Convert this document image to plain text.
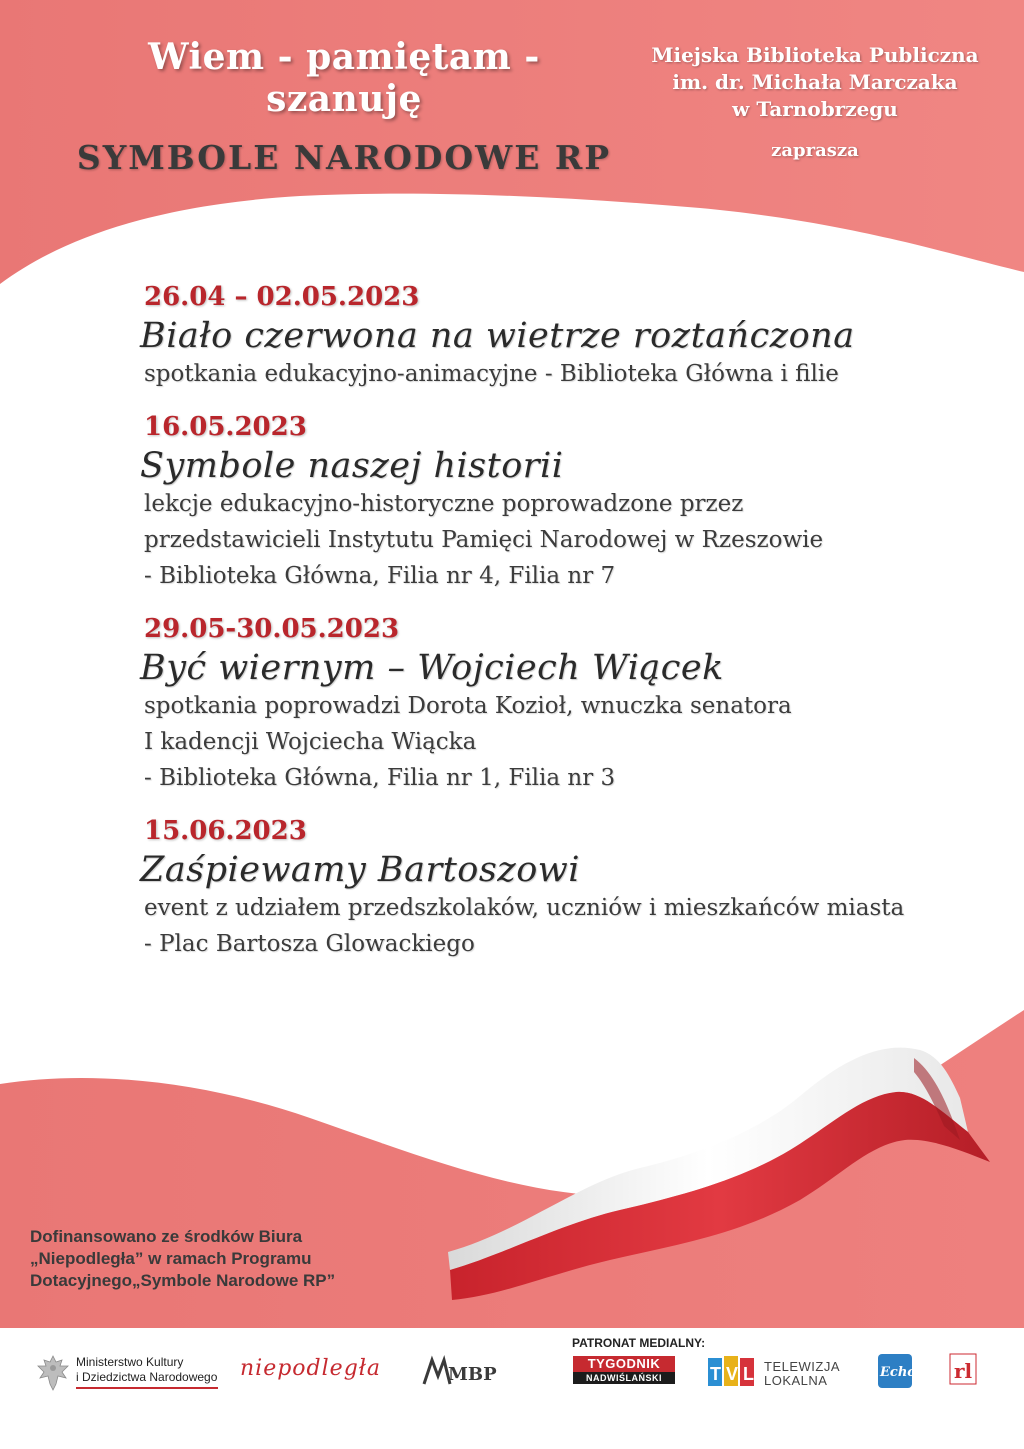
Wiem - pamiętam - szanuję
SYMBOLE NARODOWE RP
Miejska Biblioteka Publiczna
im. dr. Michała Marczaka
w Tarnobrzegu
zaprasza
26.04 – 02.05.2023
Biało czerwona na wietrze roztańczona
spotkania edukacyjno-animacyjne - Biblioteka Główna i filie
16.05.2023
Symbole naszej historii
lekcje edukacyjno-historyczne poprowadzone przez
przedstawicieli Instytutu Pamięci Narodowej w Rzeszowie
- Biblioteka Główna, Filia nr 4, Filia nr 7
29.05-30.05.2023
Być wiernym – Wojciech Wiącek
spotkania poprowadzi Dorota Kozioł, wnuczka senatora
I kadencji Wojciecha Wiącka
- Biblioteka Główna, Filia nr 1, Filia nr 3
15.06.2023
Zaśpiewamy Bartoszowi
event z udziałem przedszkolaków, uczniów i mieszkańców miasta
- Plac Bartosza Glowackiego
Dofinansowano ze środków Biura
„Niepodległa” w ramach Programu
Dotacyjnego„Symbole Narodowe RP”
PATRONAT MEDIALNY:
Ministerstwo Kultury
i Dziedzictwa Narodowego niepodległa	MBP
TYGODNIK
NADWIŚLAŃSKI	T V L TELEWIZJA
LOKALNA
Echo rl
